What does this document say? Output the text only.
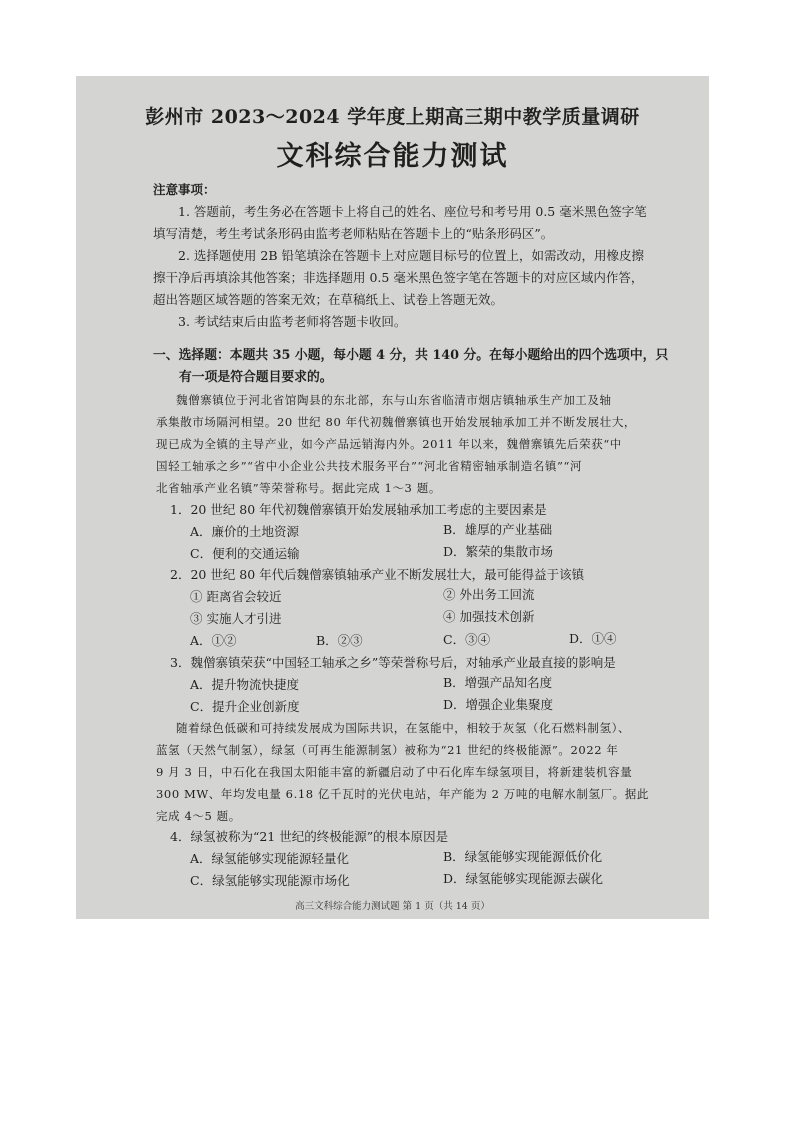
彭州市 2023～2024 学年度上期高三期中教学质量调研
文科综合能力测试
注意事项：
1. 答题前，考生务必在答题卡上将自己的姓名、座位号和考号用 0.5 毫米黑色签字笔
填写清楚，考生考试条形码由监考老师粘贴在答题卡上的“贴条形码区”。
2. 选择题使用 2B 铅笔填涂在答题卡上对应题目标号的位置上，如需改动，用橡皮擦
擦干净后再填涂其他答案；非选择题用 0.5 毫米黑色签字笔在答题卡的对应区域内作答，
超出答题区域答题的答案无效；在草稿纸上、试卷上答题无效。
3. 考试结束后由监考老师将答题卡收回。
一、选择题：本题共 35 小题，每小题 4 分，共 140 分。在每小题给出的四个选项中，只
有一项是符合题目要求的。
魏僧寨镇位于河北省馆陶县的东北部，东与山东省临清市烟店镇轴承生产加工及轴
承集散市场隔河相望。20 世纪 80 年代初魏僧寨镇也开始发展轴承加工并不断发展壮大，
现已成为全镇的主导产业，如今产品远销海内外。2011 年以来，魏僧寨镇先后荣获“中
国轻工轴承之乡”“省中小企业公共技术服务平台”“河北省精密轴承制造名镇”“河
北省轴承产业名镇”等荣誉称号。据此完成 1～3 题。
1．20 世纪 80 年代初魏僧寨镇开始发展轴承加工考虑的主要因素是
A．廉价的土地资源	B．雄厚的产业基础
C．便利的交通运输	D．繁荣的集散市场
2．20 世纪 80 年代后魏僧寨镇轴承产业不断发展壮大，最可能得益于该镇
① 距离省会较近	② 外出务工回流
③ 实施人才引进	④ 加强技术创新
A．①②	B．②③	C．③④	D．①④
3．魏僧寨镇荣获“中国轻工轴承之乡”等荣誉称号后，对轴承产业最直接的影响是
A．提升物流快捷度	B．增强产品知名度
C．提升企业创新度	D．增强企业集聚度
随着绿色低碳和可持续发展成为国际共识，在氢能中，相较于灰氢（化石燃料制氢）、
蓝氢（天然气制氢），绿氢（可再生能源制氢）被称为“21 世纪的终极能源”。2022 年
9 月 3 日，中石化在我国太阳能丰富的新疆启动了中石化库车绿氢项目，将新建装机容量
300 MW、年均发电量 6.18 亿千瓦时的光伏电站，年产能为 2 万吨的电解水制氢厂。据此
完成 4～5 题。
4．绿氢被称为“21 世纪的终极能源”的根本原因是
A．绿氢能够实现能源轻量化	B．绿氢能够实现能源低价化
C．绿氢能够实现能源市场化	D．绿氢能够实现能源去碳化
高三文科综合能力测试题 第 1 页（共 14 页）
